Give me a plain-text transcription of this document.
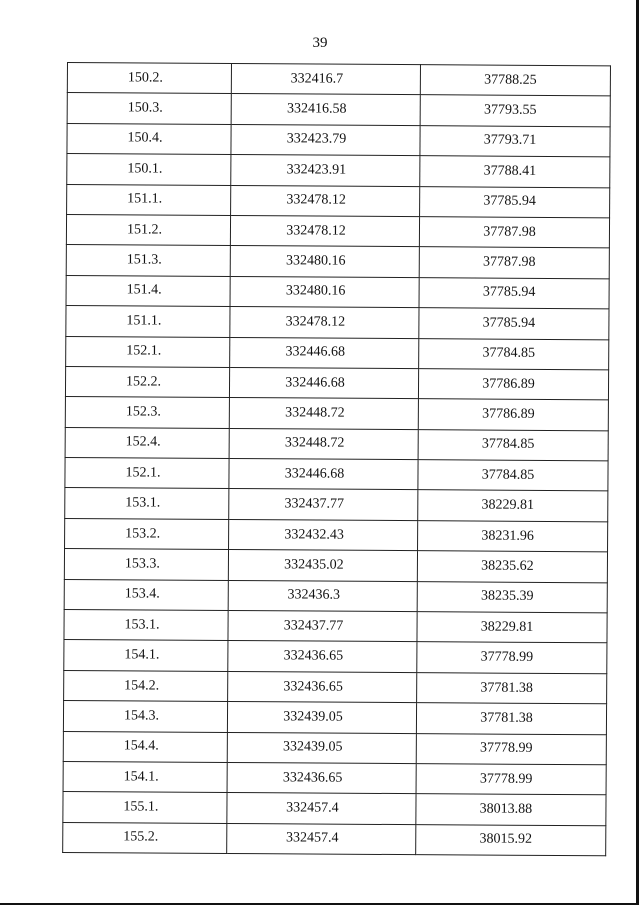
39
150.2.	332416.7	37788.25
150.3.	332416.58	37793.55
150.4.	332423.79	37793.71
150.1.	332423.91	37788.41
151.1.	332478.12	37785.94
151.2.	332478.12	37787.98
151.3.	332480.16	37787.98
151.4.	332480.16	37785.94
151.1.	332478.12	37785.94
152.1.	332446.68	37784.85
152.2.	332446.68	37786.89
152.3.	332448.72	37786.89
152.4.	332448.72	37784.85
152.1.	332446.68	37784.85
153.1.	332437.77	38229.81
153.2.	332432.43	38231.96
153.3.	332435.02	38235.62
153.4.	332436.3	38235.39
153.1.	332437.77	38229.81
154.1.	332436.65	37778.99
154.2.	332436.65	37781.38
154.3.	332439.05	37781.38
154.4.	332439.05	37778.99
154.1.	332436.65	37778.99
155.1.	332457.4	38013.88
155.2.	332457.4	38015.92
